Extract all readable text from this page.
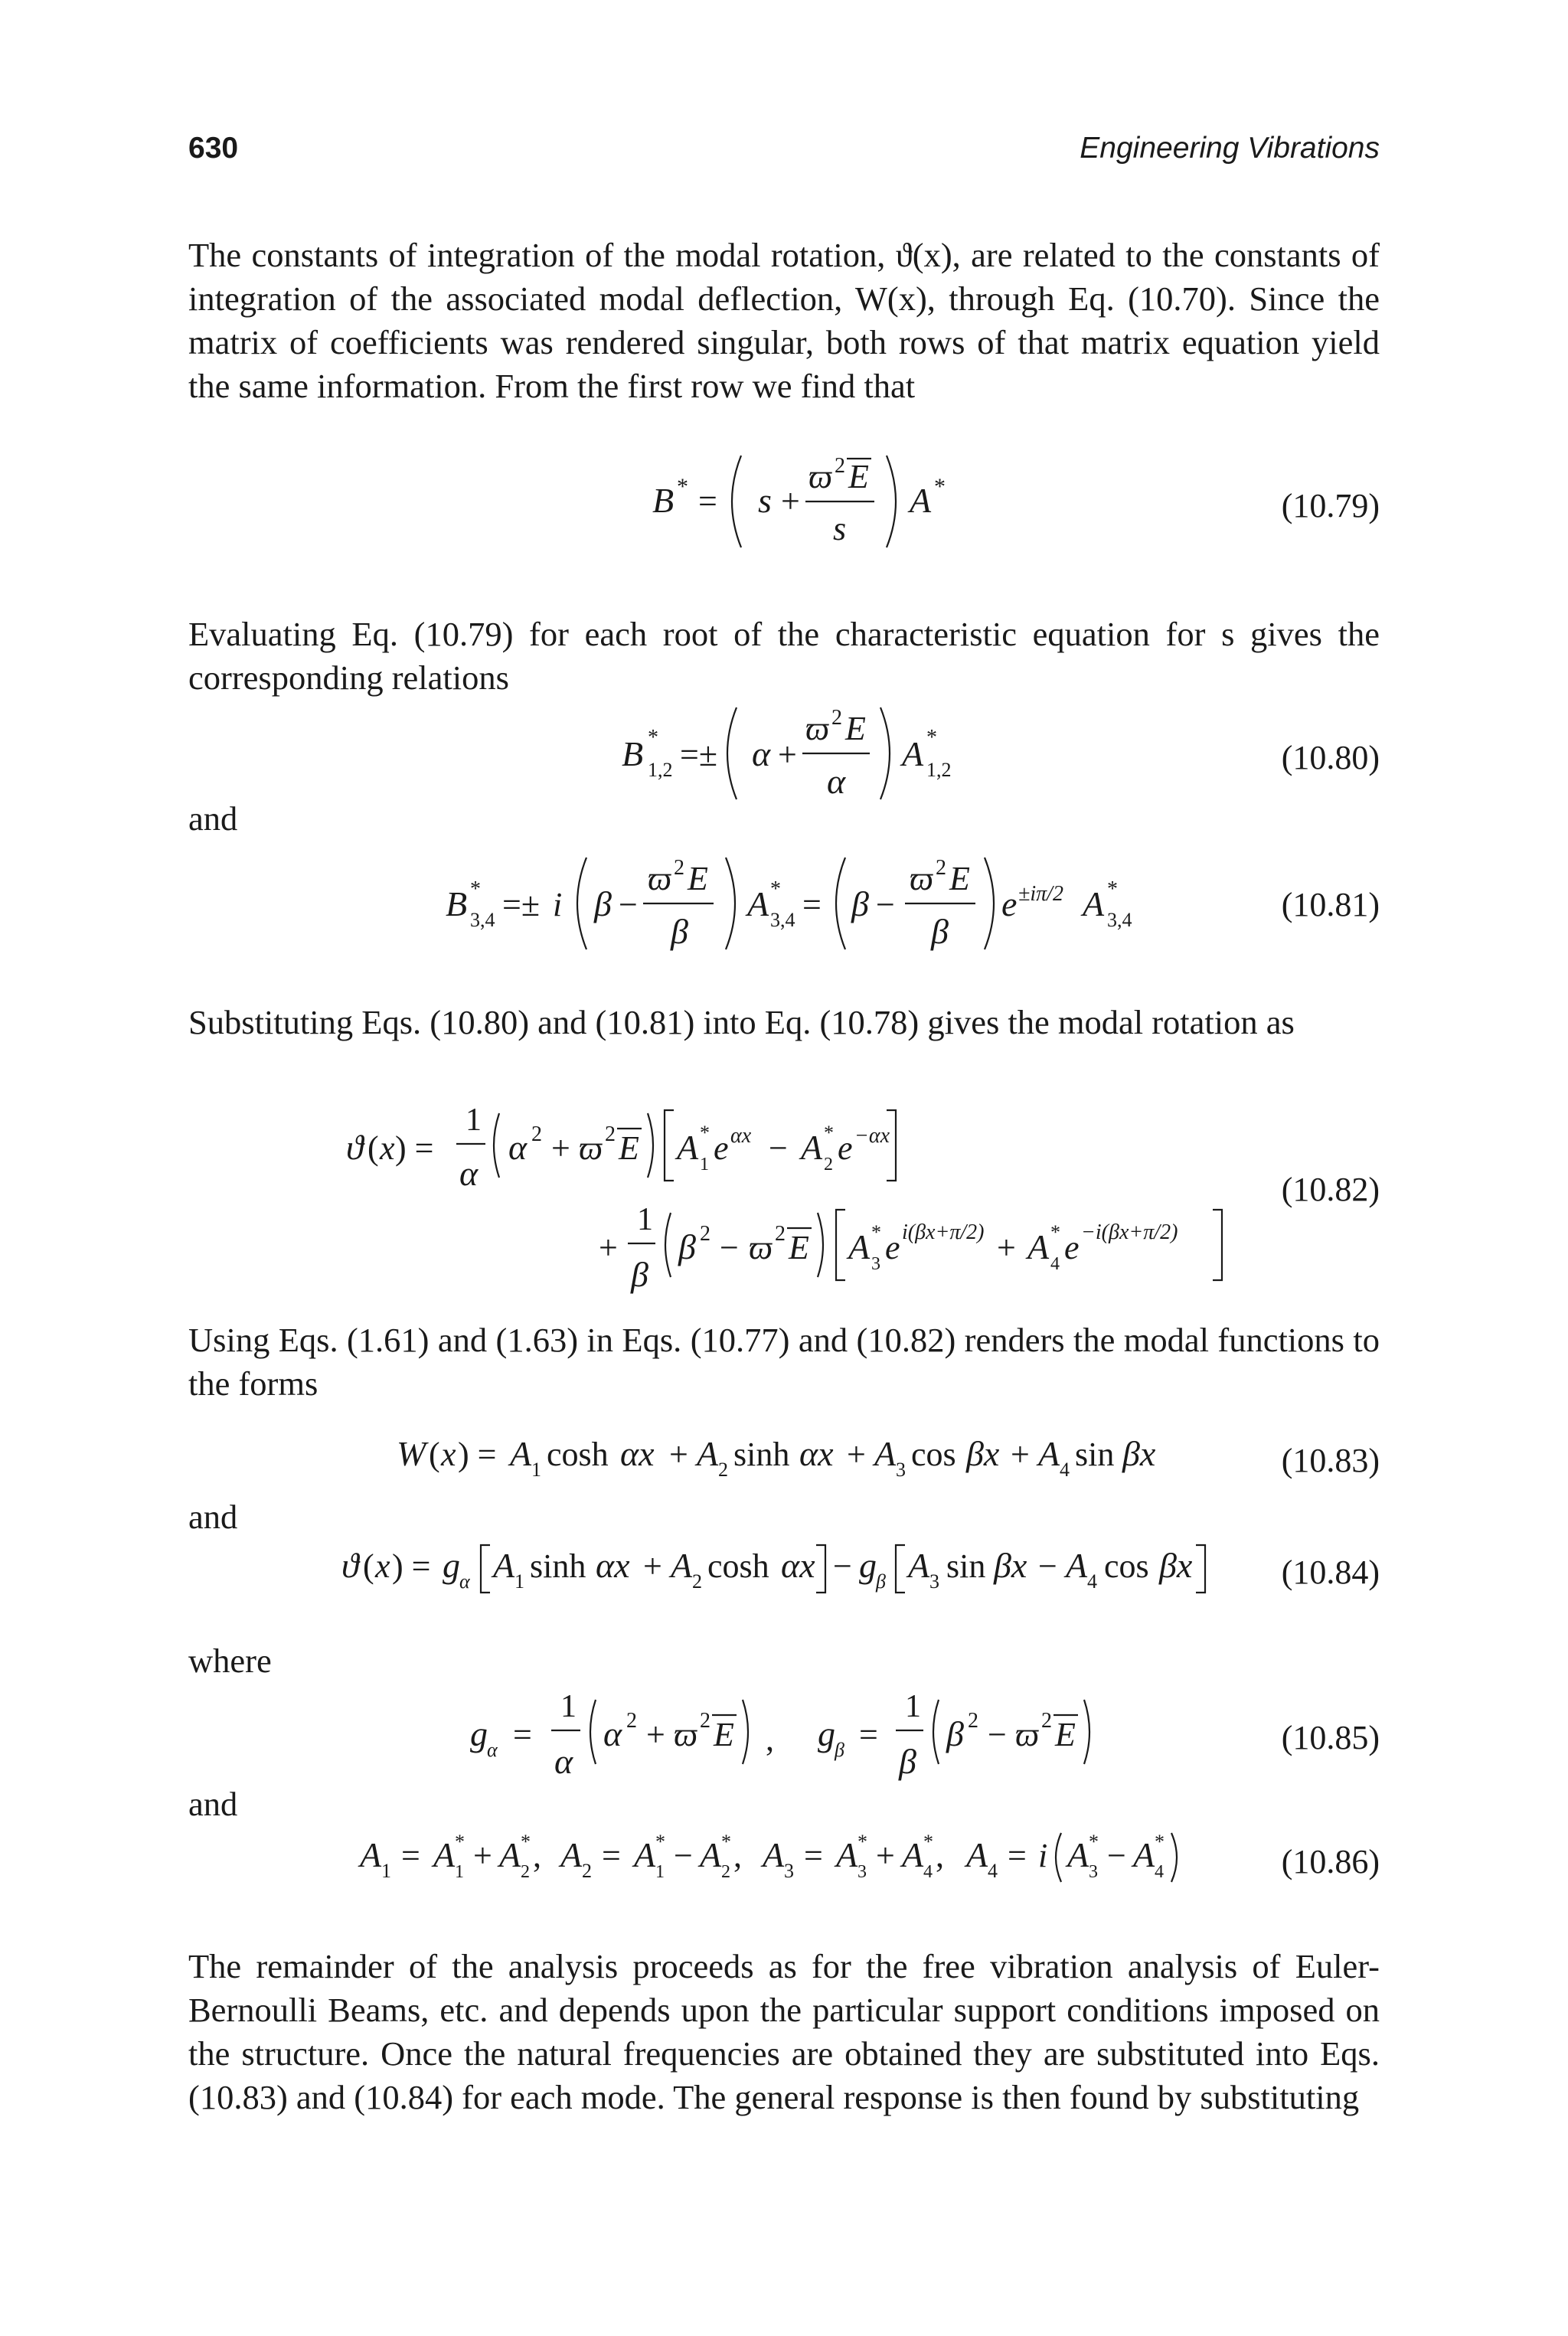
630	Engineering Vibrations
The constants of integration of the modal rotation, ϑ(x), are related to the constants of integration of the associated modal deflection, W(x), through Eq. (10.70). Since the matrix of coefficients was rendered singular, both rows of that matrix equation yield the same information. From the first row we find that
B * = s +
ϖ 2 E
s
A *
(10.79)
Evaluating Eq. (10.79) for each root of the characteristic equation for s gives the corresponding relations
B *
1,2 =± α +
ϖ 2 E
α
A *
1,2	(10.80)
and
B *
3,4 =± i β −
ϖ 2 E
β
A *
3,4 = β −
ϖ 2 E
β
e ±iπ/2 A *
3,4	(10.81)
Substituting Eqs. (10.80) and (10.81) into Eq. (10.78) gives the modal rotation as
ϑ ( x ) =
1
α
α 2 + ϖ 2 E A *
1 e αx − A *
2 e −αx
+
1
β
β 2 − ϖ 2 E A *
3 e i(βx+π/2) + A *
4 e −i(βx+π/2)
(10.82)
Using Eqs. (1.61) and (1.63) in Eqs. (10.77) and (10.82) renders the modal functions to the forms
W ( x ) = A 1 cosh αx + A 2 sinh αx + A 3 cos βx + A 4 sin βx	(10.83)
and
ϑ ( x ) = g α A 1 sinh αx + A 2 cosh αx − g β A 3 sin βx − A 4 cos βx	(10.84)
where
g α =
1
α
α 2 + ϖ 2 E , g β =
1
β
β 2 − ϖ 2 E	(10.85)
and
A 1 = A *
1 + A *
2 , A 2 = A *
1 − A *
2 , A 3 = A *
3 + A *
4 , A 4 = i A *
3 − A *
4	(10.86)
The remainder of the analysis proceeds as for the free vibration analysis of Euler-Bernoulli Beams, etc. and depends upon the particular support conditions imposed on the structure. Once the natural frequencies are obtained they are substituted into Eqs. (10.83) and (10.84) for each mode. The general response is then found by substituting
